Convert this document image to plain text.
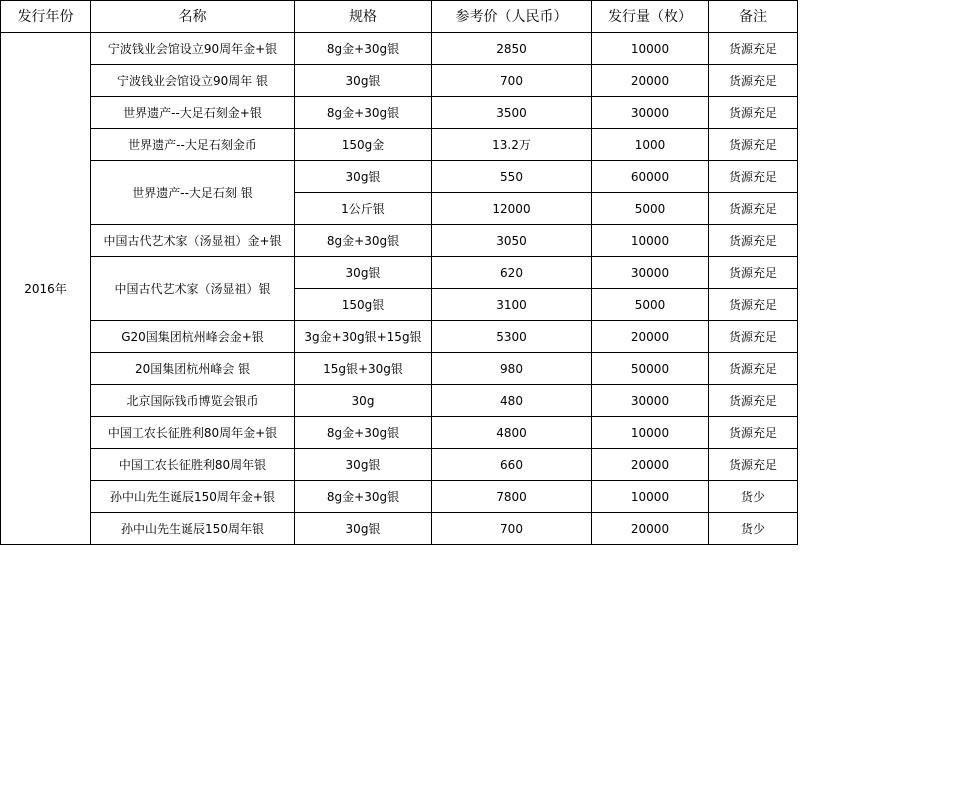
发行年份	名称	规格	参考价（人民币）	发行量（枚）	备注
2016年	宁波钱业会馆设立90周年金+银	8g金+30g银	2850	10000	货源充足
	宁波钱业会馆设立90周年 银	30g银	700	20000	货源充足
	世界遗产--大足石刻金+银	8g金+30g银	3500	30000	货源充足
	世界遗产--大足石刻金币	150g金	13.2万	1000	货源充足
	世界遗产--大足石刻 银	30g银	550	60000	货源充足
		1公斤银	12000	5000	货源充足
	中国古代艺术家（汤显祖）金+银	8g金+30g银	3050	10000	货源充足
	中国古代艺术家（汤显祖）银	30g银	620	30000	货源充足
		150g银	3100	5000	货源充足
	G20国集团杭州峰会金+银	3g金+30g银+15g银	5300	20000	货源充足
	20国集团杭州峰会 银	15g银+30g银	980	50000	货源充足
	北京国际钱币博览会银币	30g	480	30000	货源充足
	中国工农长征胜利80周年金+银	8g金+30g银	4800	10000	货源充足
	中国工农长征胜利80周年银	30g银	660	20000	货源充足
	孙中山先生诞辰150周年金+银	8g金+30g银	7800	10000	货少
	孙中山先生诞辰150周年银	30g银	700	20000	货少
